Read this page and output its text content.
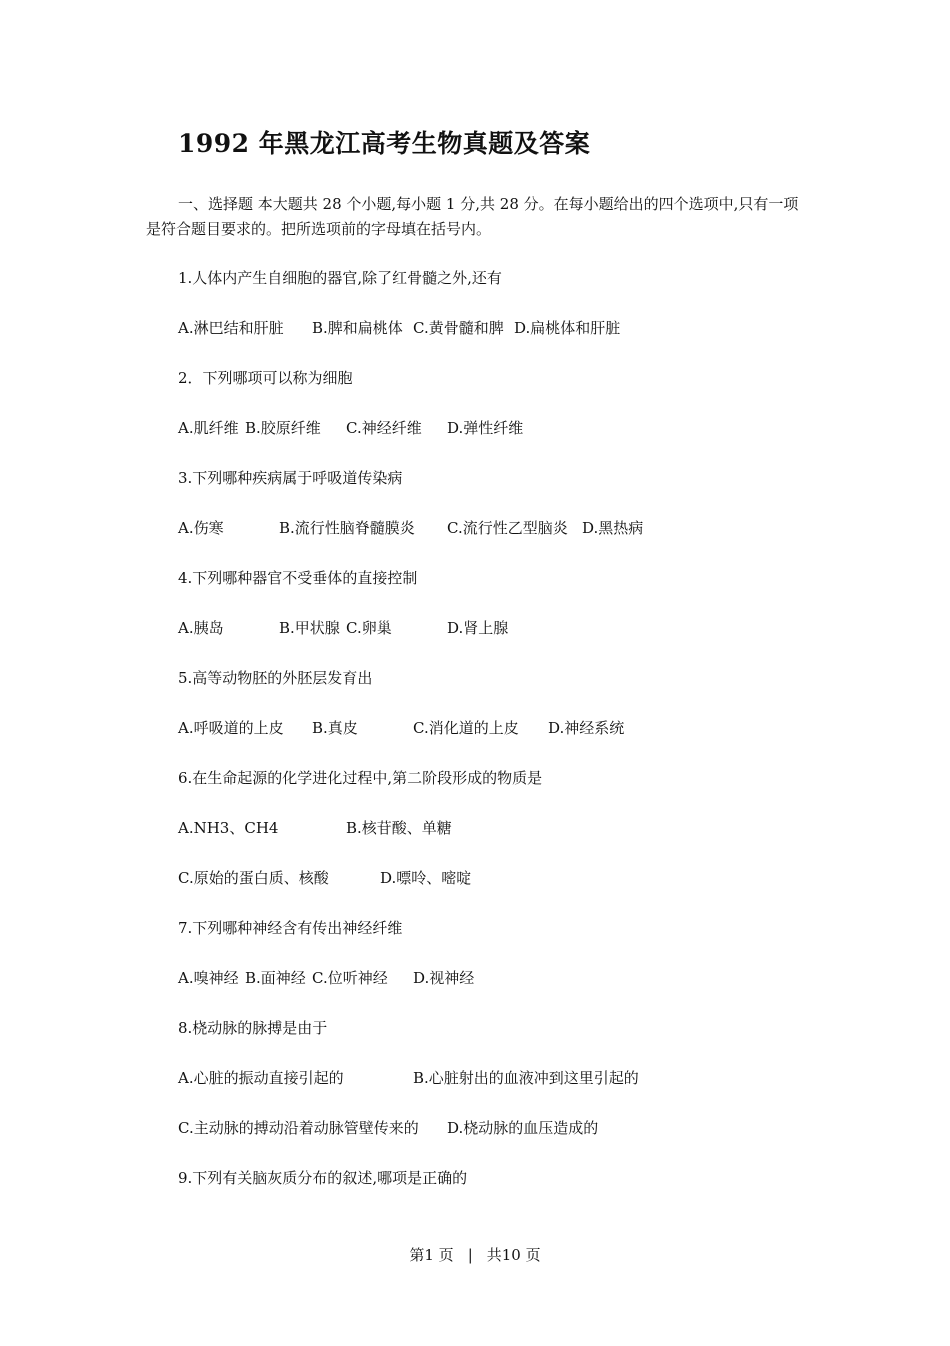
1992 年黑龙江高考生物真题及答案
一、选择题 本大题共 28 个小题,每小题 1 分,共 28 分。在每小题给出的四个选项中,只有一项是符合题目要求的。把所选项前的字母填在括号内。
1.人体内产生自细胞的器官,除了红骨髓之外,还有
A.淋巴结和肝脏 B.脾和扁桃体 C.黄骨髓和脾 D.扁桃体和肝脏
2．下列哪项可以称为细胞
A.肌纤维 B.胶原纤维 C.神经纤维 D.弹性纤维
3.下列哪种疾病属于呼吸道传染病
A.伤寒	B.流行性脑脊髓膜炎 C.流行性乙型脑炎 D.黑热病
4.下列哪种器官不受垂体的直接控制
A.胰岛	B.甲状腺 C.卵巢	D.肾上腺
5.高等动物胚的外胚层发育出
A.呼吸道的上皮 B.真皮	C.消化道的上皮 D.神经系统
6.在生命起源的化学进化过程中,第二阶段形成的物质是
A.NH3、CH4	B.核苷酸、单糖
C.原始的蛋白质、核酸	D.嘌呤、嘧啶
7.下列哪种神经含有传出神经纤维
A.嗅神经 B.面神经 C.位听神经 D.视神经
8.桡动脉的脉搏是由于
A.心脏的振动直接引起的	B.心脏射出的血液冲到这里引起的
C.主动脉的搏动沿着动脉管壁传来的 D.桡动脉的血压造成的
9.下列有关脑灰质分布的叙述,哪项是正确的
第1 页 | 共10 页
